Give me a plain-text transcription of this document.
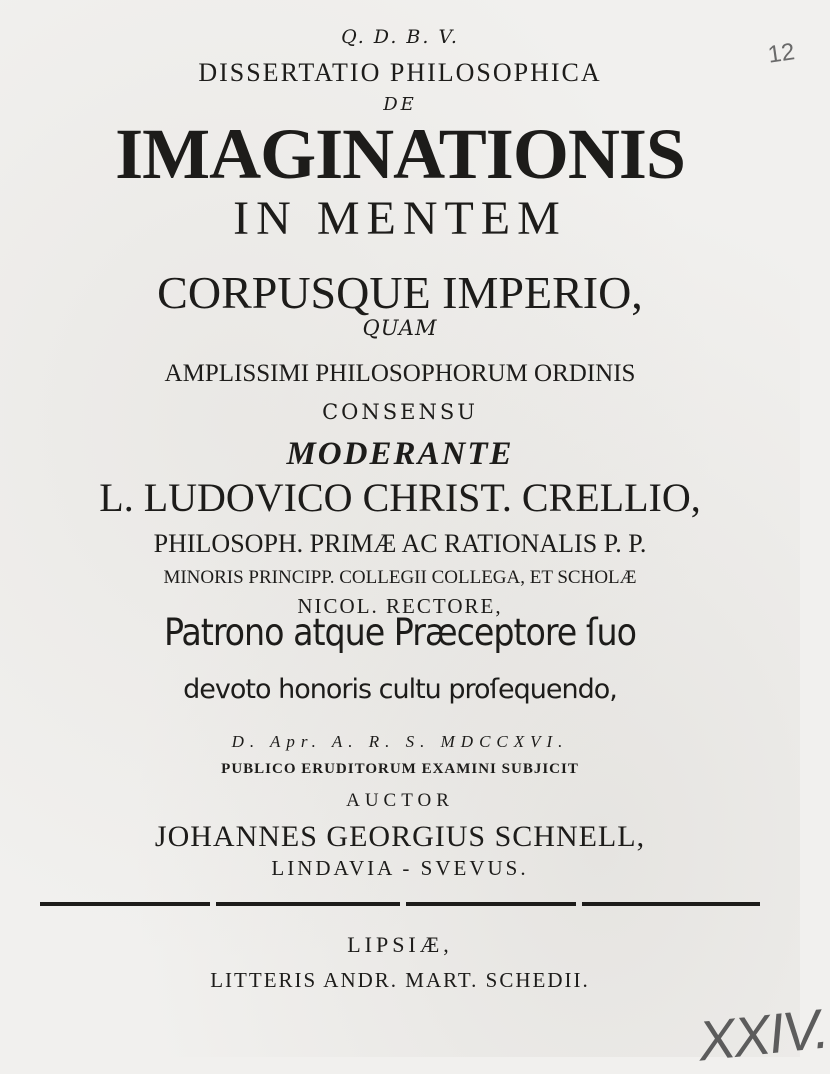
Q. D. B. V.
DISSERTATIO PHILOSOPHICA
DE
IMAGINATIONIS
IN MENTEM
CORPUSQUE IMPERIO,
QUAM
AMPLISSIMI PHILOSOPHORUM ORDINIS
CONSENSU
MODERANTE
L. LUDOVICO CHRIST. CRELLIO,
PHILOSOPH. PRIMÆ AC RATIONALIS P. P.
MINORIS PRINCIPP. COLLEGII COLLEGA, ET SCHOLÆ
NICOL. RECTORE,
Patrono atque Præceptore ſuo
devoto honoris cultu proſequendo,
D. Apr. A. R. S. MDCCXVI.
PUBLICO ERUDITORUM EXAMINI SUBJICIT
AUCTOR
JOHANNES GEORGIUS SCHNELL,
LINDAVIA - SVEVUS.
LIPSIÆ,
LITTERIS ANDR. MART. SCHEDII.
12
XXIV.
